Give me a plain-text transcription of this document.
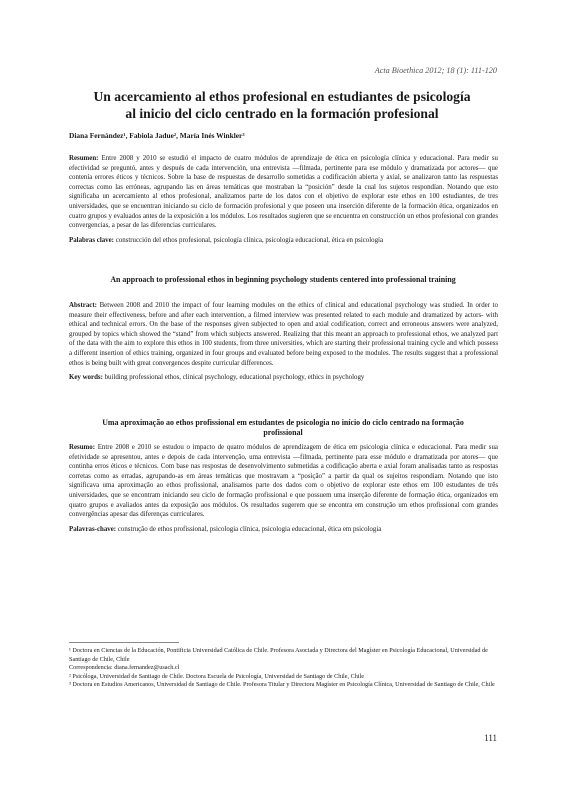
Acta Bioethica 2012; 18 (1): 111-120
Un acercamiento al ethos profesional en estudiantes de psicología
al inicio del ciclo centrado en la formación profesional
Diana Fernández¹, Fabiola Jadue², María Inés Winkler³

Resumen: Entre 2008 y 2010 se estudió el impacto de cuatro módulos de aprendizaje de ética en psicología clínica y educacional. Para medir su efectividad se preguntó, antes y después de cada intervención, una entrevista —filmada, pertinente para ese módulo y dramatizada por actores— que contenía errores éticos y técnicos. Sobre la base de respuestas de desarrollo sometidas a codificación abierta y axial, se analizaron tanto las respuestas correctas como las erróneas, agrupando las en áreas temáticas que mostraban la “posición” desde la cual los sujetos respondían. Notando que esto significaba un acercamiento al ethos profesional, analizamos parte de los datos con el objetivo de explorar este ethos en 100 estudiantes, de tres universidades, que se encuentran iniciando su ciclo de formación profesional y que poseen una inserción diferente de la formación ética, organizados en cuatro grupos y evaluados antes de la exposición a los módulos. Los resultados sugieren que se encuentra en construcción un ethos profesional con grandes convergencias, a pesar de las diferencias curriculares.

Palabras clave: construcción del ethos profesional, psicología clínica, psicología educacional, ética en psicología

An approach to professional ethos in beginning psychology students centered into professional training

Abstract: Between 2008 and 2010 the impact of four learning modules on the ethics of clinical and educational psychology was studied. In order to measure their effectiveness, before and after each intervention, a filmed interview was presented related to each module and dramatized by actors- with ethical and technical errors. On the base of the responses given subjected to open and axial codification, correct and erroneous answers were analyzed, grouped by topics which showed the “stand” from which subjects answered. Realizing that this meant an approach to professional ethos, we analyzed part of the data with the aim to explore this ethos in 100 students, from three universities, which are starting their professional training cycle and which possess a different insertion of ethics training, organized in four groups and evaluated before being exposed to the modules. The results suggest that a professional ethos is being built with great convergences despite curricular differences.

Key words: building professional ethos, clinical psychology, educational psychology, ethics in psychology

Uma aproximação ao ethos profissional em estudantes de psicologia no início do ciclo centrado na formação profissional

Resumo: Entre 2008 e 2010 se estudou o impacto de quatro módulos de aprendizagem de ética em psicologia clínica e educacional. Para medir sua efetividade se apresentou, antes e depois de cada intervenção, uma entrevista —filmada, pertinente para esse módulo e dramatizada por atores— que continha erros éticos e técnicos. Com base nas respostas de desenvolvimento submetidas a codificação aberta e axial foram analisadas tanto as respostas corretas como as erradas, agrupando-as em áreas temáticas que mostravam a “posição” a partir da qual os sujeitos respondiam. Notando que isto significava uma aproximação ao ethos profissional, analisamos parte dos dados com o objetivo de explorar este ethos em 100 estudantes de três universidades, que se encontram iniciando seu ciclo de formação profissional e que possuem uma inserção diferente de formação ética, organizados em quatro grupos e avaliados antes da exposição aos módulos. Os resultados sugerem que se encontra em construção um ethos profissional com grandes convergências apesar das diferenças curriculares.

Palavras-chave: construção de ethos profissional, psicologia clínica, psicologia educacional, ética em psicologia

¹ Doctora en Ciencias de la Educación, Pontificia Universidad Católica de Chile. Profesora Asociada y Directora del Magíster en Psicología Educacional, Universidad de Santiago de Chile, Chile

Correspondencia: diana.fernandez@usach.cl

² Psicóloga, Universidad de Santiago de Chile. Doctora Escuela de Psicología, Universidad de Santiago de Chile, Chile

³ Doctora en Estudios Americanos, Universidad de Santiago de Chile. Profesora Titular y Directora Magíster en Psicología Clínica, Universidad de Santiago de Chile, Chile

111
